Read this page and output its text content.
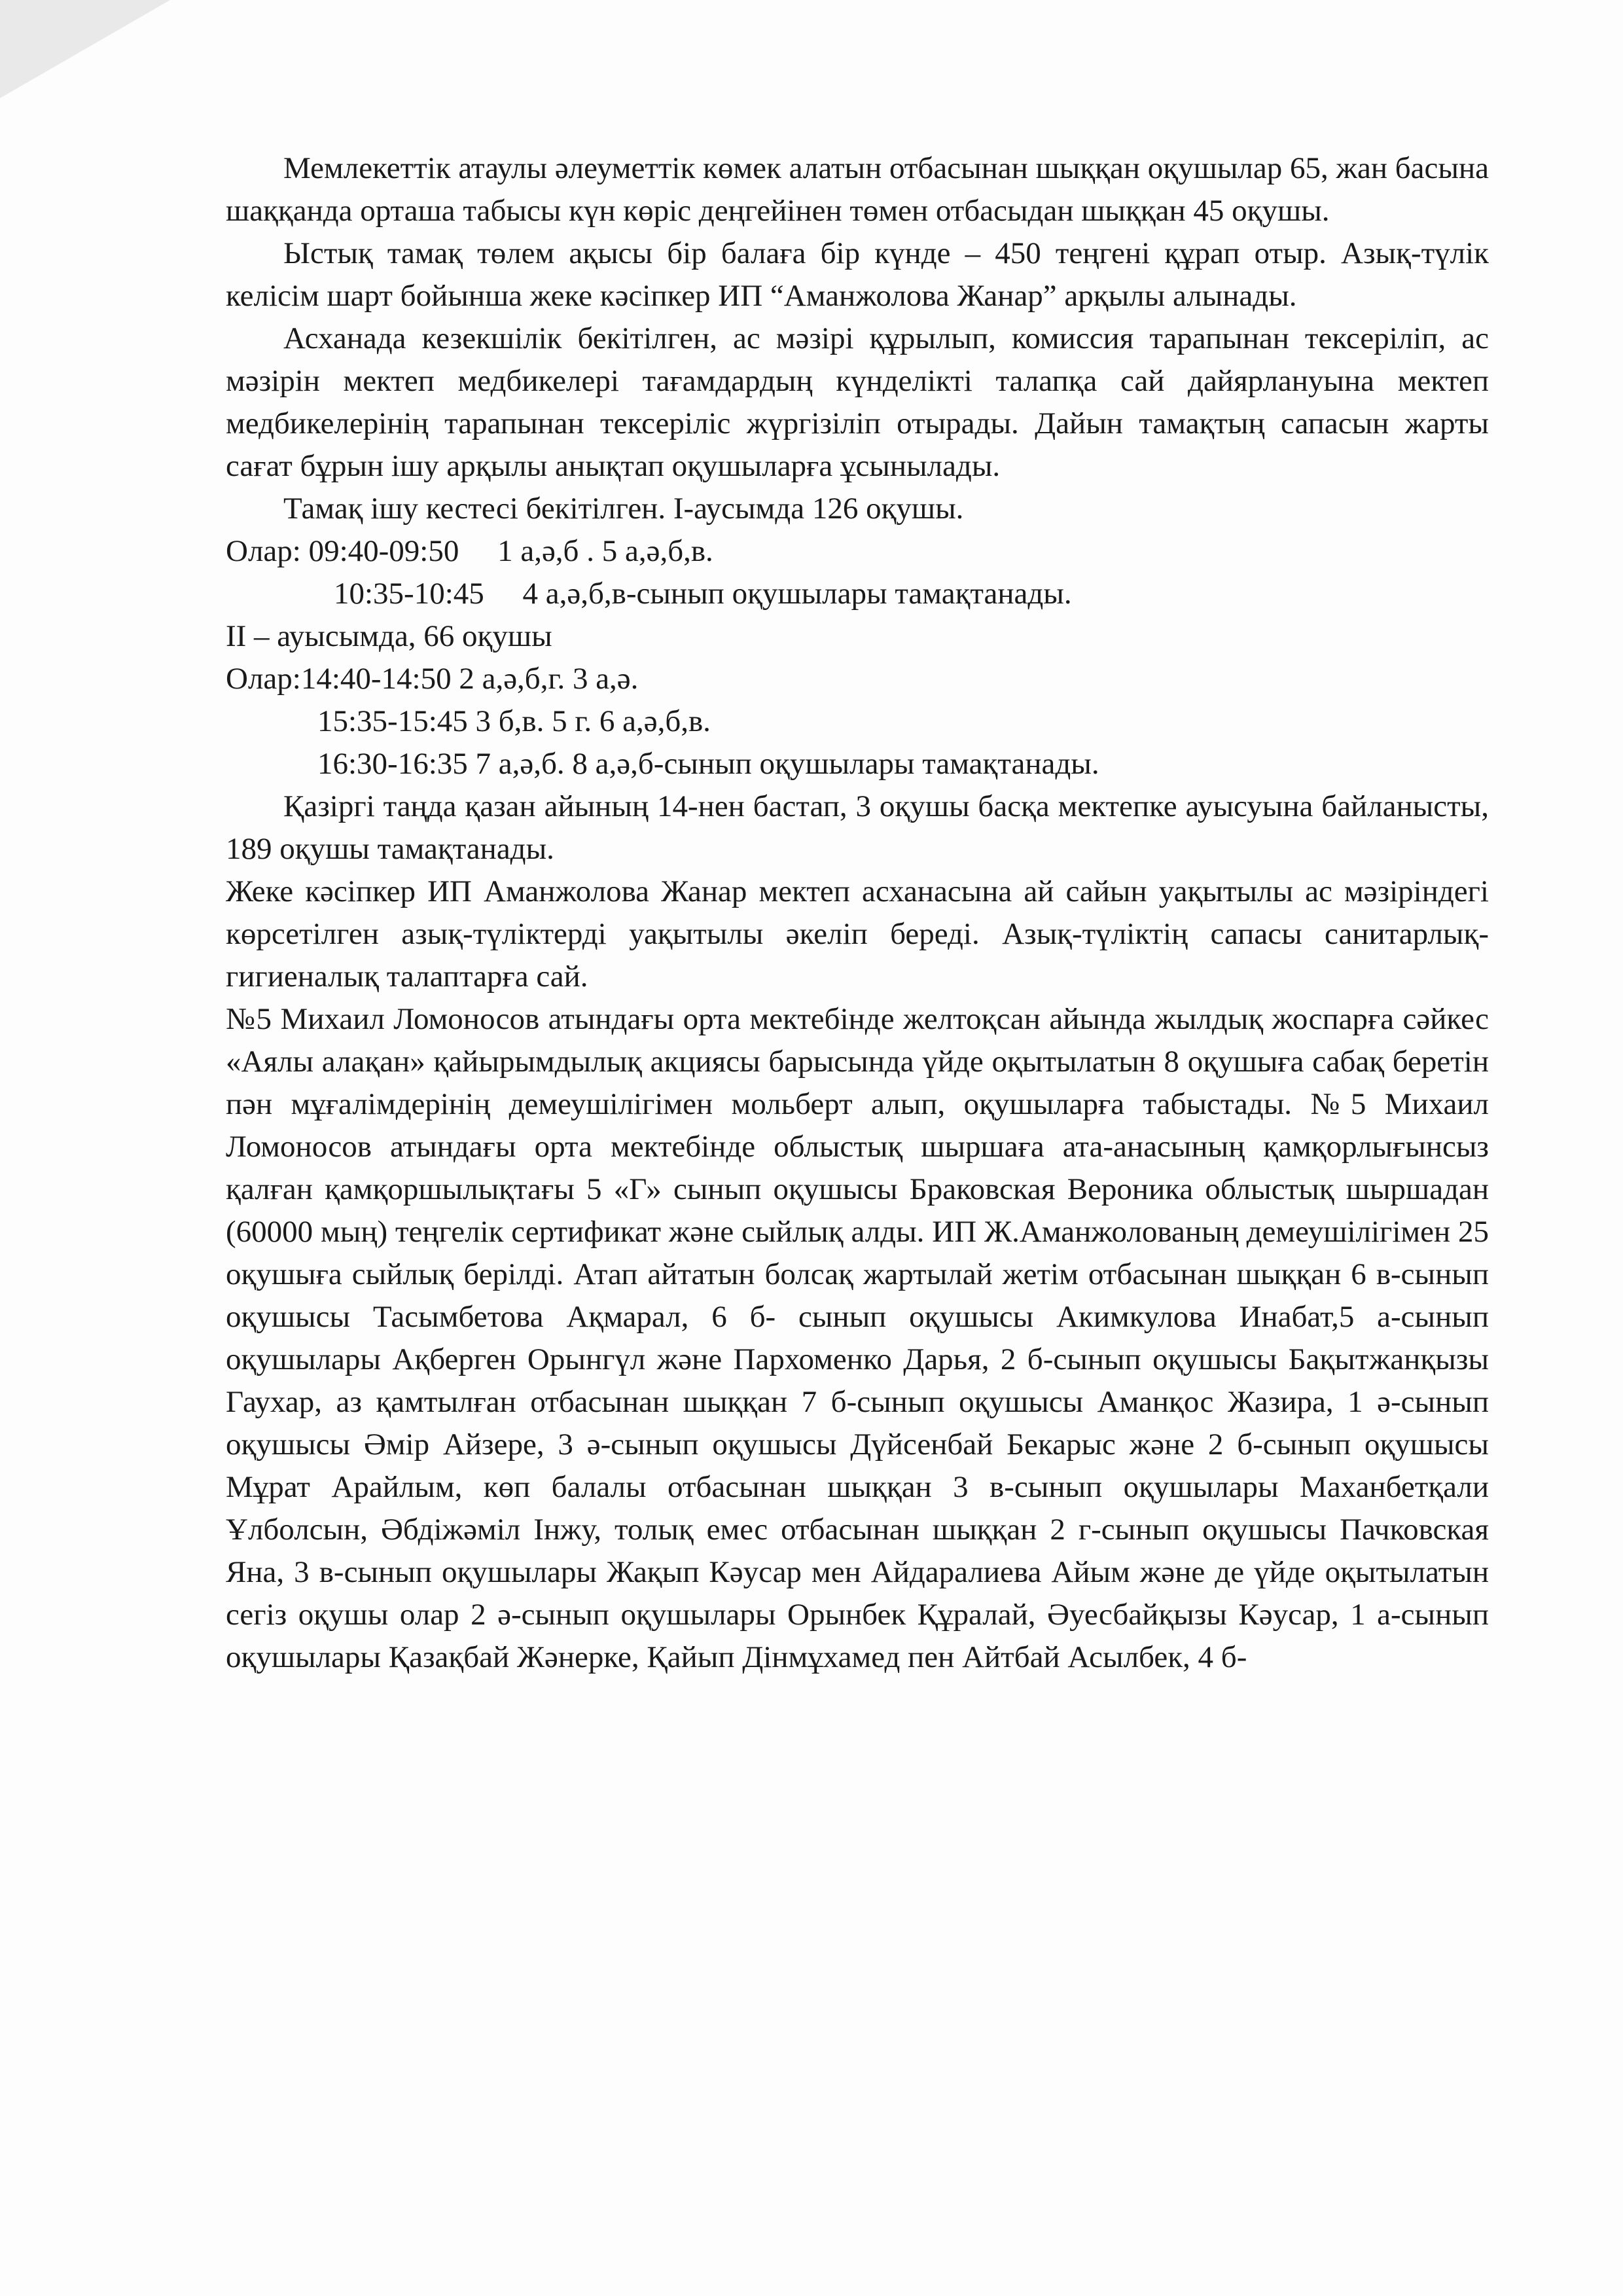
Мемлекеттік атаулы әлеуметтік көмек алатын отбасынан шыққан оқушылар 65, жан басына шаққанда орташа табысы күн көріс деңгейінен төмен отбасыдан шыққан 45 оқушы.

Ыстық тамақ төлем ақысы бір балаға бір күнде – 450 теңгені құрап отыр. Азық-түлік келісім шарт бойынша жеке кәсіпкер ИП “Аманжолова Жанар” арқылы алынады.

Асханада кезекшілік бекітілген, ас мәзірі құрылып, комиссия тарапынан тексеріліп, ас мәзірін мектеп медбикелері тағамдардың күнделікті талапқа сай дайярлануына мектеп медбикелерінің тарапынан тексеріліс жүргізіліп отырады. Дайын тамақтың сапасын жарты сағат бұрын ішу арқылы анықтап оқушыларға ұсынылады.

Тамақ ішу кестесі бекітілген. І-аусымда 126 оқушы.

Олар: 09:40-09:50     1 а,ә,б . 5 а,ә,б,в.

10:35-10:45     4 а,ә,б,в-сынып оқушылары тамақтанады.

ІІ – ауысымда, 66 оқушы

Олар:14:40-14:50 2 а,ә,б,г. 3 а,ә.

15:35-15:45 3 б,в. 5 г. 6 а,ә,б,в.

16:30-16:35 7 а,ә,б. 8 а,ә,б-сынып оқушылары тамақтанады.

Қазіргі таңда қазан айының 14-нен бастап, 3 оқушы басқа мектепке ауысуына байланысты, 189 оқушы тамақтанады.

Жеке кәсіпкер ИП Аманжолова Жанар мектеп асханасына ай сайын уақытылы ас мәзіріндегі көрсетілген азық-түліктерді уақытылы әкеліп береді. Азық-түліктің сапасы санитарлық-гигиеналық талаптарға сай.

№5 Михаил Ломоносов атындағы орта мектебінде желтоқсан айында жылдық жоспарға сәйкес «Аялы алақан» қайырымдылық акциясы барысында үйде оқытылатын 8 оқушыға сабақ беретін пән мұғалімдерінің демеушілігімен мольберт алып, оқушыларға табыстады. №5 Михаил Ломоносов атындағы орта мектебінде облыстық шыршаға ата-анасының қамқорлығынсыз қалған қамқоршылықтағы 5 «Г» сынып оқушысы Браковская Вероника облыстық шыршадан (60000 мың) теңгелік сертификат және сыйлық алды. ИП Ж.Аманжолованың демеушілігімен 25 оқушыға сыйлық берілді. Атап айтатын болсақ жартылай жетім отбасынан шыққан 6 в-сынып оқушысы Тасымбетова Ақмарал, 6 б- сынып оқушысы Акимкулова Инабат,5 а-сынып оқушылары Ақберген Орынгүл және Пархоменко Дарья, 2 б-сынып оқушысы Бақытжанқызы Гаухар, аз қамтылған отбасынан шыққан 7 б-сынып оқушысы Аманқос Жазира, 1 ә-сынып оқушысы Әмір Айзере, 3 ә-сынып оқушысы Дүйсенбай Бекарыс және 2 б-сынып оқушысы Мұрат Арайлым, көп балалы отбасынан шыққан 3 в-сынып оқушылары Маханбетқали Ұлболсын, Әбдіжәміл Інжу, толық емес отбасынан шыққан 2 г-сынып оқушысы Пачковская Яна, 3 в-сынып оқушылары Жақып Кәусар мен Айдаралиева Айым және де үйде оқытылатын сегіз оқушы олар 2 ә-сынып оқушылары Орынбек Құралай, Әуесбайқызы Кәусар, 1 а-сынып оқушылары Қазақбай Жәнерке, Қайып Дінмұхамед пен Айтбай Асылбек, 4 б-
